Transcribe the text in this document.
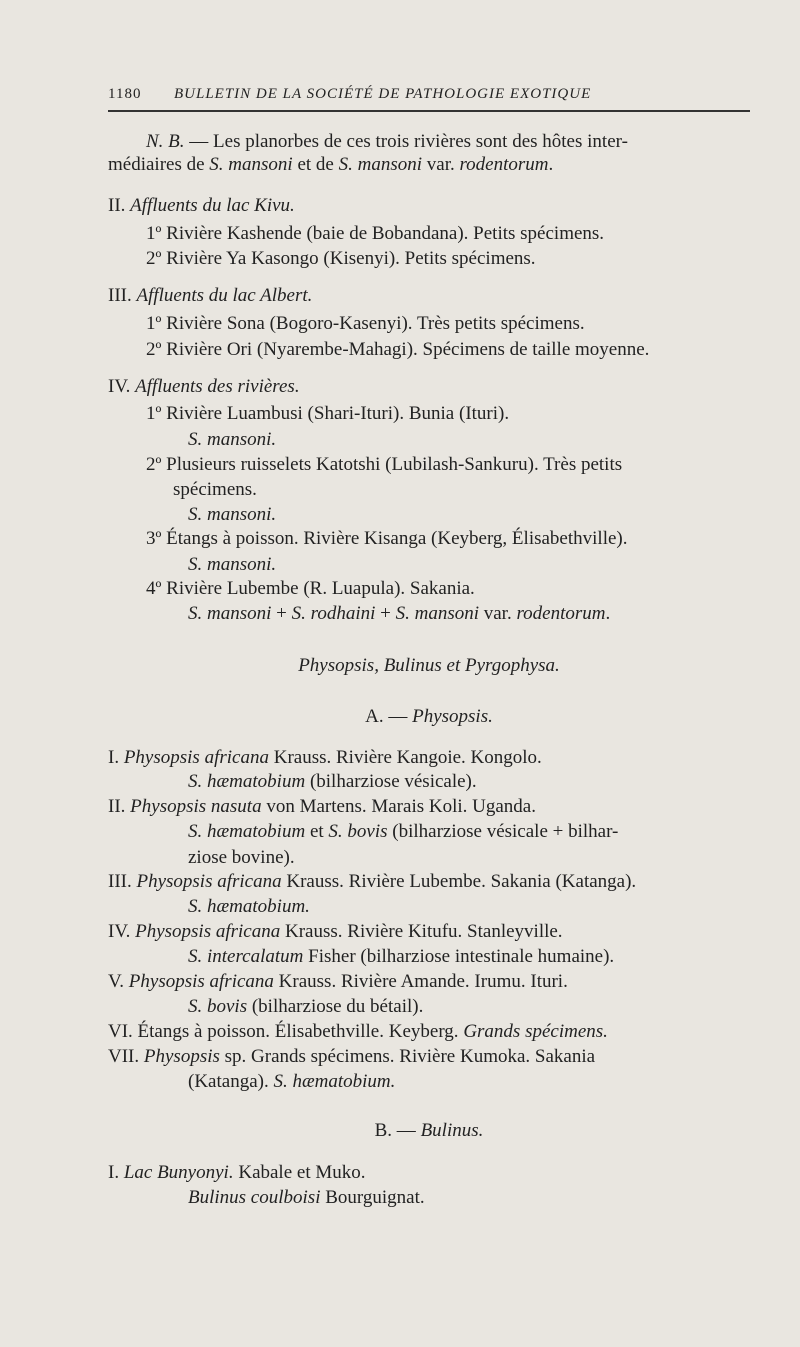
1180 BULLETIN DE LA SOCIÉTÉ DE PATHOLOGIE EXOTIQUE
N. B. — Les planorbes de ces trois rivières sont des hôtes inter-
médiaires de S. mansoni et de S. mansoni var. rodentorum.
II. Affluents du lac Kivu.
1º Rivière Kashende (baie de Bobandana). Petits spécimens.
2º Rivière Ya Kasongo (Kisenyi). Petits spécimens.
III. Affluents du lac Albert.
1º Rivière Sona (Bogoro-Kasenyi). Très petits spécimens.
2º Rivière Ori (Nyarembe-Mahagi). Spécimens de taille moyenne.
IV. Affluents des rivières.
1º Rivière Luambusi (Shari-Ituri). Bunia (Ituri).
S. mansoni.
2º Plusieurs ruisselets Katotshi (Lubilash-Sankuru). Très petits
spécimens.
S. mansoni.
3º Étangs à poisson. Rivière Kisanga (Keyberg, Élisabethville).
S. mansoni.
4º Rivière Lubembe (R. Luapula). Sakania.
S. mansoni + S. rodhaini + S. mansoni var. rodentorum.
Physopsis, Bulinus et Pyrgophysa.
A. — Physopsis.
I. Physopsis africana Krauss. Rivière Kangoie. Kongolo.
S. hæmatobium (bilharziose vésicale).
II. Physopsis nasuta von Martens. Marais Koli. Uganda.
S. hæmatobium et S. bovis (bilharziose vésicale + bilhar-
ziose bovine).
III. Physopsis africana Krauss. Rivière Lubembe. Sakania (Katanga).
S. hæmatobium.
IV. Physopsis africana Krauss. Rivière Kitufu. Stanleyville.
S. intercalatum Fisher (bilharziose intestinale humaine).
V. Physopsis africana Krauss. Rivière Amande. Irumu. Ituri.
S. bovis (bilharziose du bétail).
VI. Étangs à poisson. Élisabethville. Keyberg. Grands spécimens.
VII. Physopsis sp. Grands spécimens. Rivière Kumoka. Sakania
(Katanga). S. hæmatobium.
B. — Bulinus.
I. Lac Bunyonyi. Kabale et Muko.
Bulinus coulboisi Bourguignat.
